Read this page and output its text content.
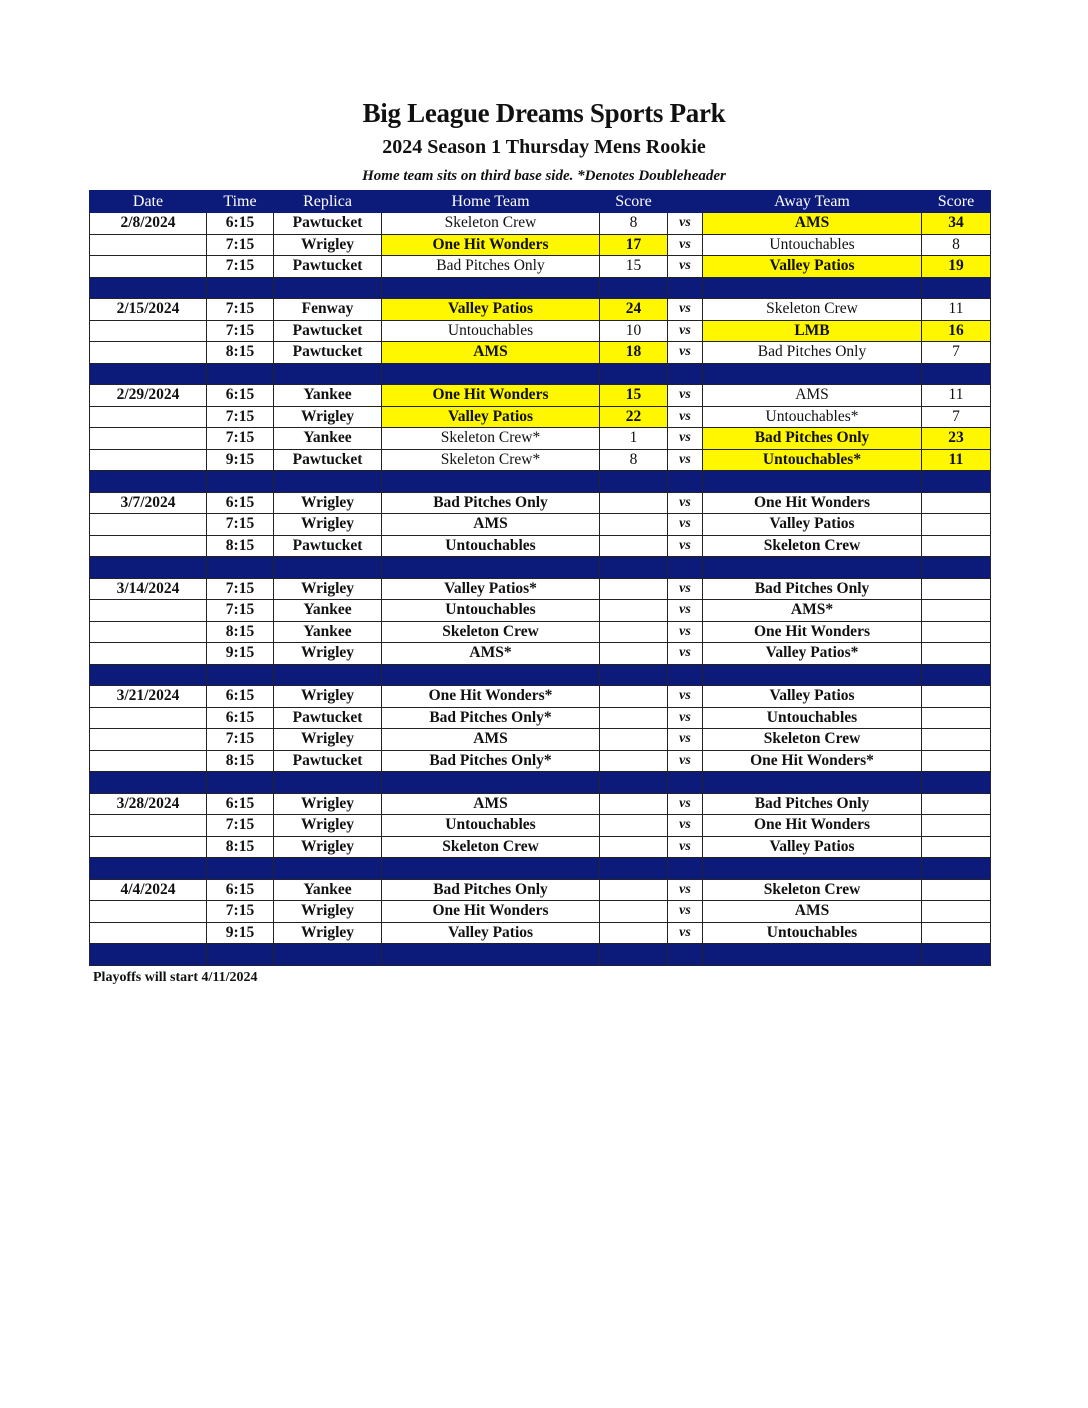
Big League Dreams Sports Park
2024 Season 1 Thursday Mens Rookie
Home team sits on third base side. *Denotes Doubleheader
Date	Time	Replica	Home Team	Score		Away Team	Score
2/8/2024	6:15	Pawtucket	Skeleton Crew	8	vs	AMS	34
	7:15	Wrigley	One Hit Wonders	17	vs	Untouchables	8
	7:15	Pawtucket	Bad Pitches Only	15	vs	Valley Patios	19

2/15/2024	7:15	Fenway	Valley Patios	24	vs	Skeleton Crew	11
	7:15	Pawtucket	Untouchables	10	vs	LMB	16
	8:15	Pawtucket	AMS	18	vs	Bad Pitches Only	7

2/29/2024	6:15	Yankee	One Hit Wonders	15	vs	AMS	11
	7:15	Wrigley	Valley Patios	22	vs	Untouchables*	7
	7:15	Yankee	Skeleton Crew*	1	vs	Bad Pitches Only	23
	9:15	Pawtucket	Skeleton Crew*	8	vs	Untouchables*	11

3/7/2024	6:15	Wrigley	Bad Pitches Only		vs	One Hit Wonders	
	7:15	Wrigley	AMS		vs	Valley Patios	
	8:15	Pawtucket	Untouchables		vs	Skeleton Crew	

3/14/2024	7:15	Wrigley	Valley Patios*		vs	Bad Pitches Only	
	7:15	Yankee	Untouchables		vs	AMS*	
	8:15	Yankee	Skeleton Crew		vs	One Hit Wonders	
	9:15	Wrigley	AMS*		vs	Valley Patios*	

3/21/2024	6:15	Wrigley	One Hit Wonders*		vs	Valley Patios	
	6:15	Pawtucket	Bad Pitches Only*		vs	Untouchables	
	7:15	Wrigley	AMS		vs	Skeleton Crew	
	8:15	Pawtucket	Bad Pitches Only*		vs	One Hit Wonders*	

3/28/2024	6:15	Wrigley	AMS		vs	Bad Pitches Only	
	7:15	Wrigley	Untouchables		vs	One Hit Wonders	
	8:15	Wrigley	Skeleton Crew		vs	Valley Patios	

4/4/2024	6:15	Yankee	Bad Pitches Only		vs	Skeleton Crew	
	7:15	Wrigley	One Hit Wonders		vs	AMS	
	9:15	Wrigley	Valley Patios		vs	Untouchables	

Playoffs will start 4/11/2024
